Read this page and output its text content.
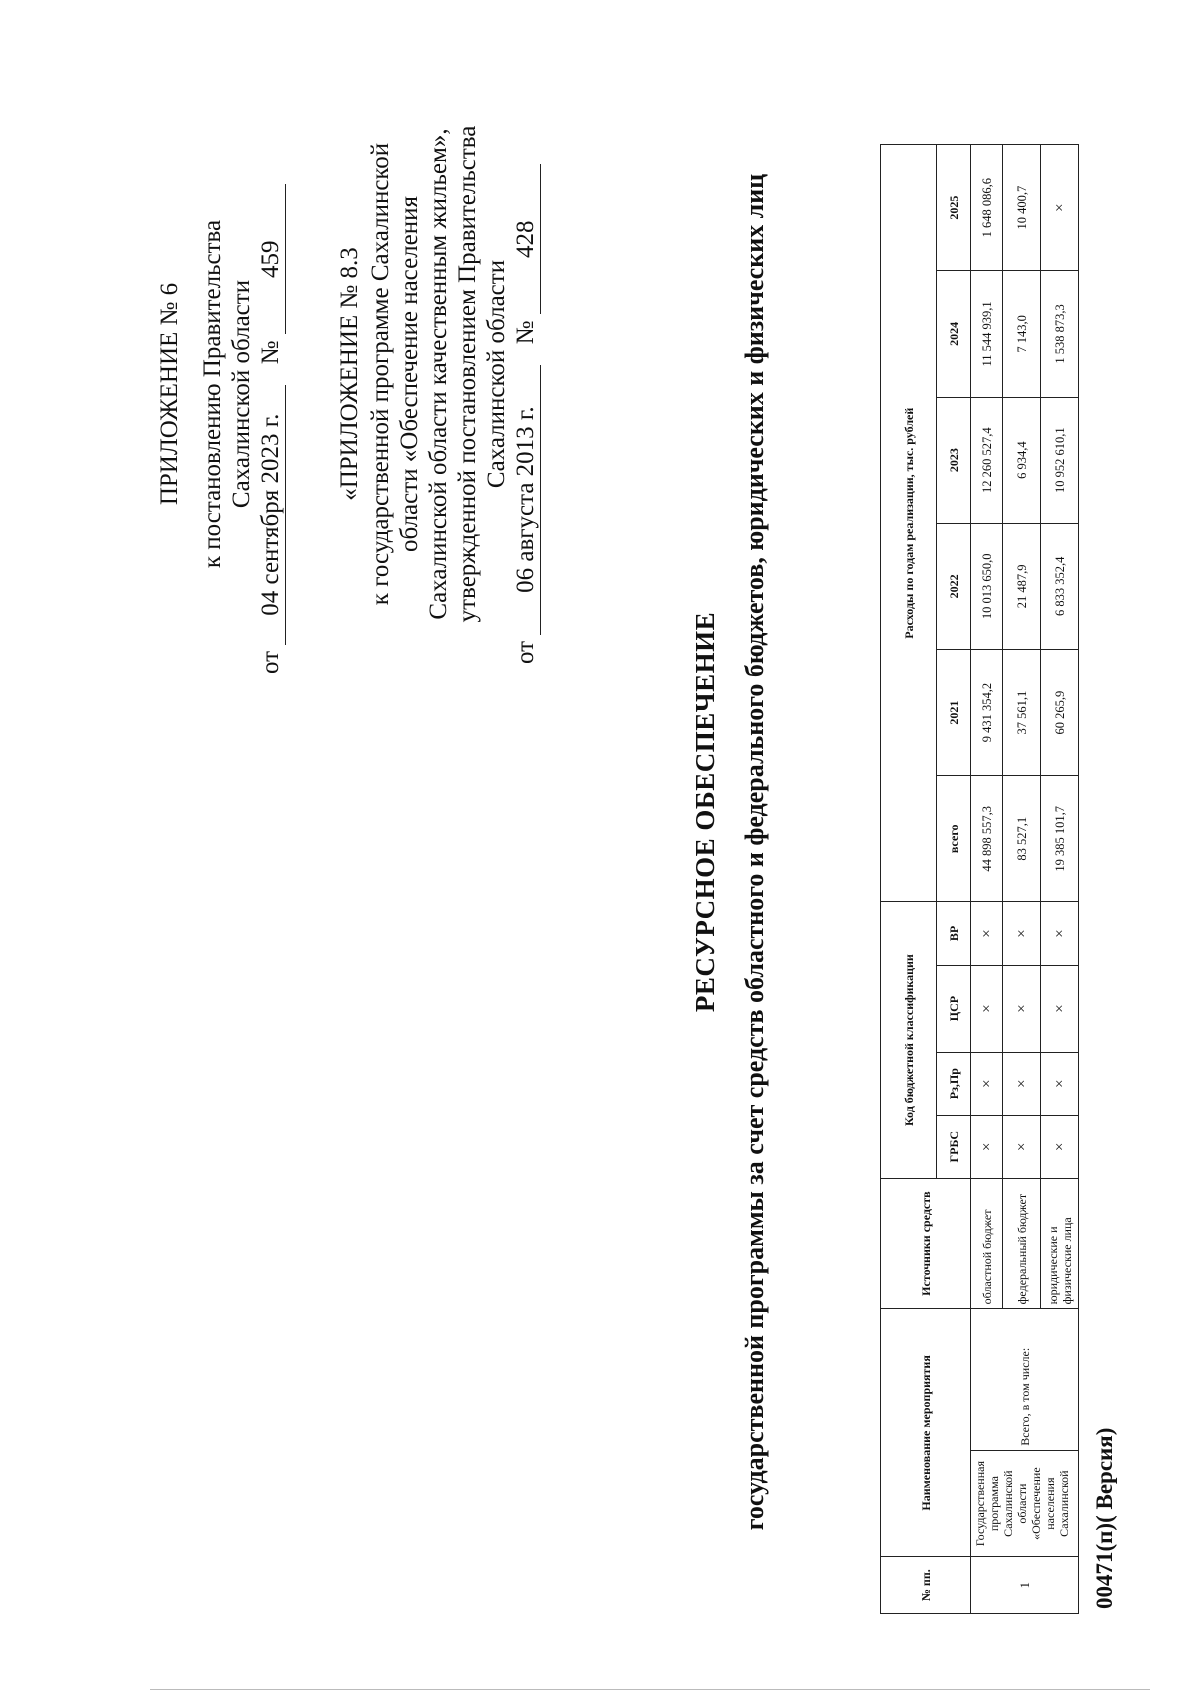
ПРИЛОЖЕНИЕ № 6 к постановлению Правительства Сахалинской области
от 04 сентября 2023 г. № 459 «ПРИЛОЖЕНИЕ № 8.3 к государственной программе Сахалинской области «Обеспечение населения Сахалинской области качественным жильем», утвержденной постановлением Правительства Сахалинской области
от 06 августа 2013 г. № 428
РЕСУРСНОЕ ОБЕСПЕЧЕНИЕ государственной программы за счет средств областного и федерального бюджетов, юридических и физических лиц
№ пп.	Наименование мероприятия		Источники средств	Код бюджетной классификации				Расходы по годам реализации, тыс. рублей					
				ГРБС	Рз,Пр	ЦСР	ВР	всего	2021	2022	2023	2024	2025
1	Государственная программа Сахалинской области «Обеспечение населения Сахалинской	Всего, в том числе:	областной бюджет	×	×	×	×	44 898 557,3	9 431 354,2	10 013 650,0	12 260 527,4	11 544 939,1	1 648 086,6
			федеральный бюджет	×	×	×	×	83 527,1	37 561,1	21 487,9	6 934,4	7 143,0	10 400,7
			юридические и физические лица	×	×	×	×	19 385 101,7	60 265,9	6 833 352,4	10 952 610,1	1 538 873,3	×
00471(п)( Версия)
